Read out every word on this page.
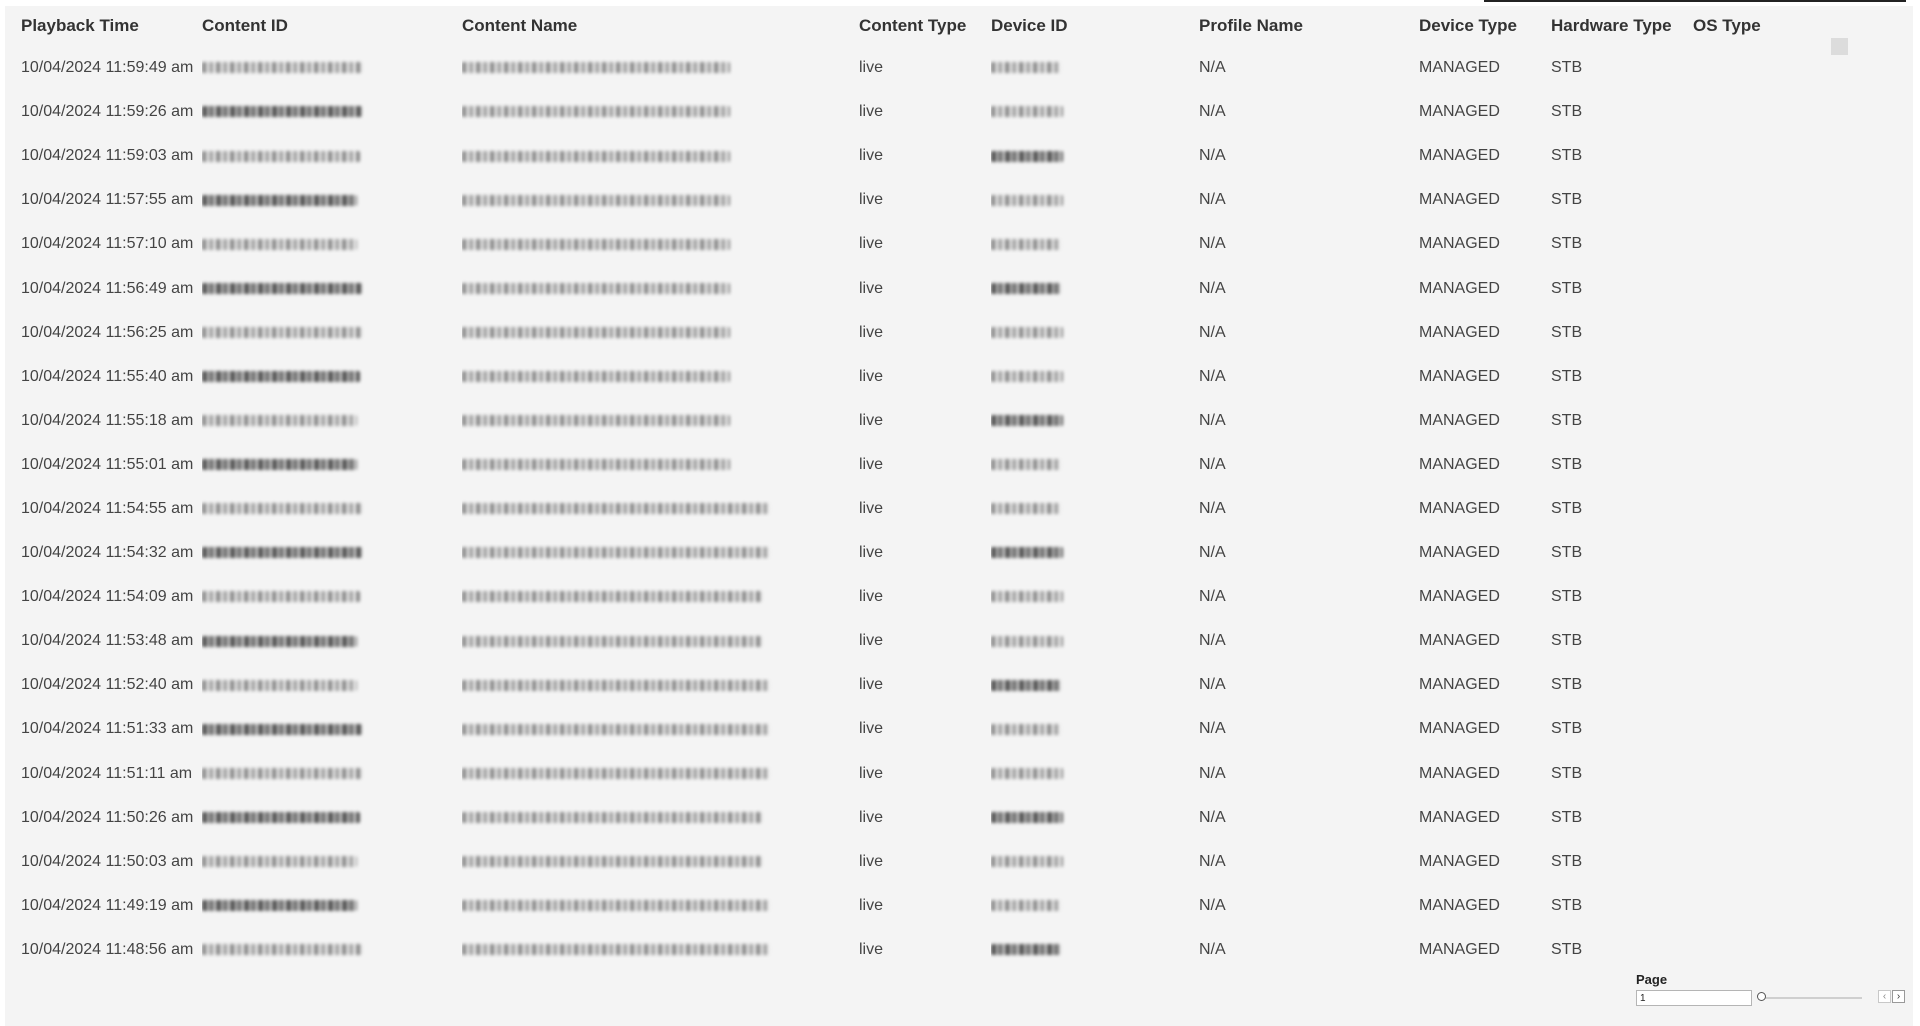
Playback Time	Content ID	Content Name	Content Type	Device ID	Profile Name	Device Type	Hardware Type	OS Type
10/04/2024 11:59:49 am			live		N/A	MANAGED	STB	
10/04/2024 11:59:26 am			live		N/A	MANAGED	STB	
10/04/2024 11:59:03 am			live		N/A	MANAGED	STB	
10/04/2024 11:57:55 am			live		N/A	MANAGED	STB	
10/04/2024 11:57:10 am			live		N/A	MANAGED	STB	
10/04/2024 11:56:49 am			live		N/A	MANAGED	STB	
10/04/2024 11:56:25 am			live		N/A	MANAGED	STB	
10/04/2024 11:55:40 am			live		N/A	MANAGED	STB	
10/04/2024 11:55:18 am			live		N/A	MANAGED	STB	
10/04/2024 11:55:01 am			live		N/A	MANAGED	STB	
10/04/2024 11:54:55 am			live		N/A	MANAGED	STB	
10/04/2024 11:54:32 am			live		N/A	MANAGED	STB	
10/04/2024 11:54:09 am			live		N/A	MANAGED	STB	
10/04/2024 11:53:48 am			live		N/A	MANAGED	STB	
10/04/2024 11:52:40 am			live		N/A	MANAGED	STB	
10/04/2024 11:51:33 am			live		N/A	MANAGED	STB	
10/04/2024 11:51:11 am			live		N/A	MANAGED	STB	
10/04/2024 11:50:26 am			live		N/A	MANAGED	STB	
10/04/2024 11:50:03 am			live		N/A	MANAGED	STB	
10/04/2024 11:49:19 am			live		N/A	MANAGED	STB	
10/04/2024 11:48:56 am			live		N/A	MANAGED	STB	
Page
1
‹	›
